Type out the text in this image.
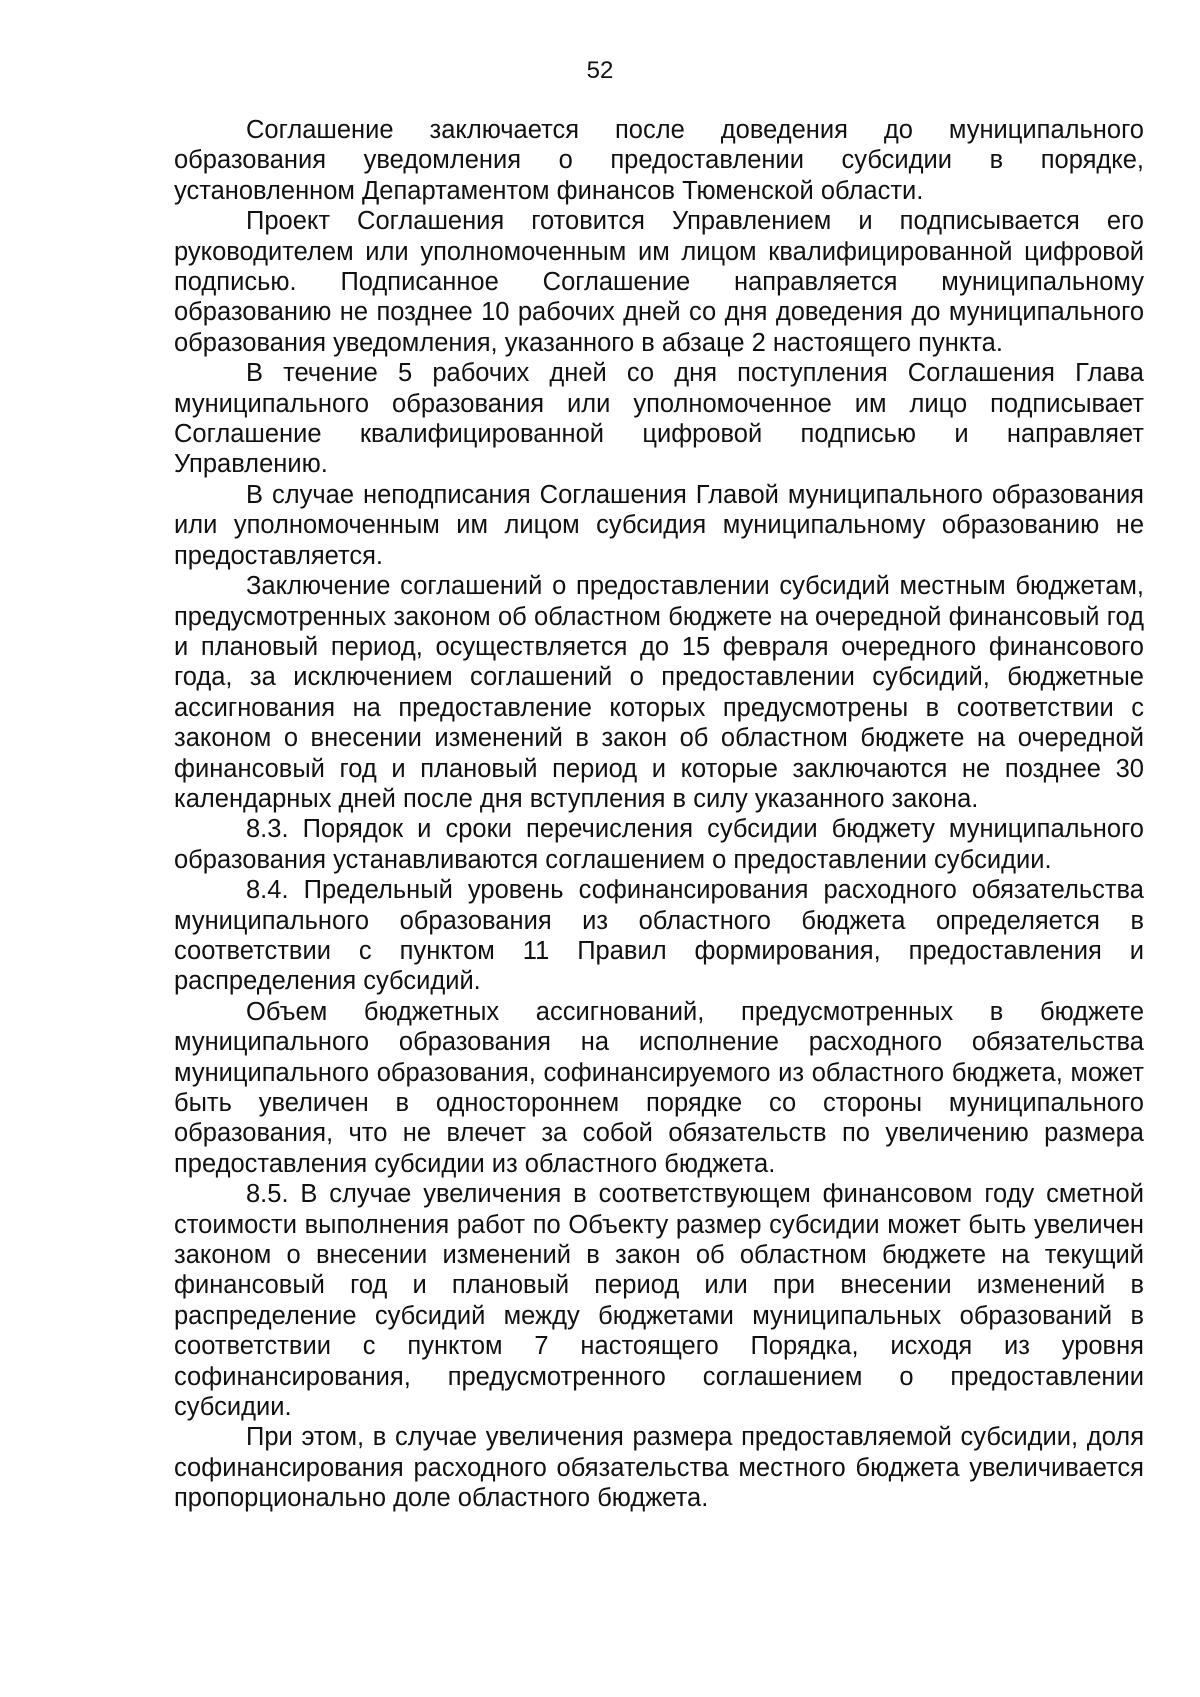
52

Соглашение заключается после доведения до муниципального образования уведомления о предоставлении субсидии в порядке, установленном Департаментом финансов Тюменской области.

Проект Соглашения готовится Управлением и подписывается его руководителем или уполномоченным им лицом квалифицированной цифровой подписью. Подписанное Соглашение направляется муниципальному образованию не позднее 10 рабочих дней со дня доведения до муниципального образования уведомления, указанного в абзаце 2 настоящего пункта.

В течение 5 рабочих дней со дня поступления Соглашения Глава муниципального образования или уполномоченное им лицо подписывает Соглашение квалифицированной цифровой подписью и направляет Управлению.

В случае неподписания Соглашения Главой муниципального образования или уполномоченным им лицом субсидия муниципальному образованию не предоставляется.

Заключение соглашений о предоставлении субсидий местным бюджетам, предусмотренных законом об областном бюджете на очередной финансовый год и плановый период, осуществляется до 15 февраля очередного финансового года, за исключением соглашений о предоставлении субсидий, бюджетные ассигнования на предоставление которых предусмотрены в соответствии с законом о внесении изменений в закон об областном бюджете на очередной финансовый год и плановый период и которые заключаются не позднее 30 календарных дней после дня вступления в силу указанного закона.

8.3. Порядок и сроки перечисления субсидии бюджету муниципального образования устанавливаются соглашением о предоставлении субсидии.

8.4. Предельный уровень софинансирования расходного обязательства муниципального образования из областного бюджета определяется в соответствии с пунктом 11 Правил формирования, предоставления и распределения субсидий.

Объем бюджетных ассигнований, предусмотренных в бюджете муниципального образования на исполнение расходного обязательства муниципального образования, софинансируемого из областного бюджета, может быть увеличен в одностороннем порядке со стороны муниципального образования, что не влечет за собой обязательств по увеличению размера предоставления субсидии из областного бюджета.

8.5. В случае увеличения в соответствующем финансовом году сметной стоимости выполнения работ по Объекту размер субсидии может быть увеличен законом о внесении изменений в закон об областном бюджете на текущий финансовый год и плановый период или при внесении изменений в распределение субсидий между бюджетами муниципальных образований в соответствии с пунктом 7 настоящего Порядка, исходя из уровня софинансирования, предусмотренного соглашением о предоставлении субсидии.

При этом, в случае увеличения размера предоставляемой субсидии, доля софинансирования расходного обязательства местного бюджета увеличивается пропорционально доле областного бюджета.
